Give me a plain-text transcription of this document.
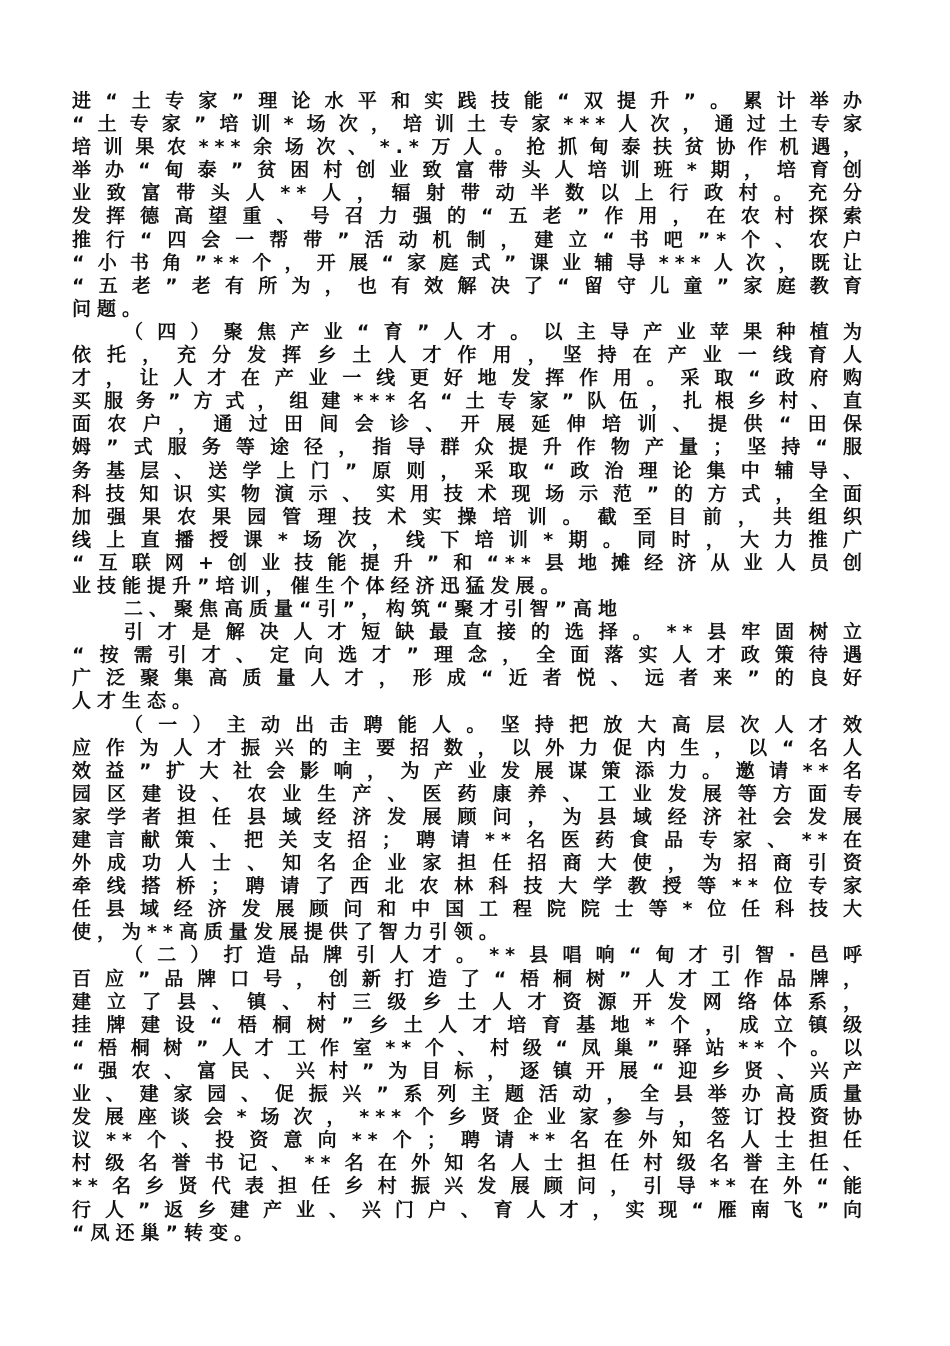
进“土专家”理论水平和实践技能“双提升”。累计举办
“土专家”培训*场次，培训土专家***人次，通过土专家
培训果农***余场次、*.*万人。抢抓甸泰扶贫协作机遇，
举办“甸泰”贫困村创业致富带头人培训班*期，培育创
业致富带头人**人，辐射带动半数以上行政村。充分
发挥德高望重、号召力强的“五老”作用，在农村探索
推行“四会一帮带”活动机制，建立“书吧”*个、农户
“小书角”**个，开展“家庭式”课业辅导***人次，既让
“五老”老有所为，也有效解决了“留守儿童”家庭教育
问题。
（四）聚焦产业“育”人才。以主导产业苹果种植为
依托，充分发挥乡土人才作用，坚持在产业一线育人
才，让人才在产业一线更好地发挥作用。采取“政府购
买服务”方式，组建***名“土专家”队伍，扎根乡村、直
面农户，通过田间会诊、开展延伸培训、提供“田保
姆”式服务等途径，指导群众提升作物产量；坚持“服
务基层、送学上门”原则，采取“政治理论集中辅导、
科技知识实物演示、实用技术现场示范”的方式，全面
加强果农果园管理技术实操培训。截至目前，共组织
线上直播授课*场次，线下培训*期。同时，大力推广
“互联网+创业技能提升”和“**县地摊经济从业人员创
业技能提升”培训，催生个体经济迅猛发展。
二、聚焦高质量“引”，构筑“聚才引智”高地
引才是解决人才短缺最直接的选择。**县牢固树立
“按需引才、定向选才”理念，全面落实人才政策待遇
广泛聚集高质量人才，形成“近者悦、远者来”的良好
人才生态。
（一）主动出击聘能人。坚持把放大高层次人才效
应作为人才振兴的主要招数，以外力促内生，以“名人
效益”扩大社会影响，为产业发展谋策添力。邀请**名
园区建设、农业生产、医药康养、工业发展等方面专
家学者担任县域经济发展顾问，为县域经济社会发展
建言献策、把关支招；聘请**名医药食品专家、**在
外成功人士、知名企业家担任招商大使，为招商引资
牵线搭桥；聘请了西北农林科技大学教授等**位专家
任县域经济发展顾问和中国工程院院士等*位任科技大
使，为**高质量发展提供了智力引领。
（二）打造品牌引人才。**县唱响“甸才引智·邑呼
百应”品牌口号，创新打造了“梧桐树”人才工作品牌，
建立了县、镇、村三级乡土人才资源开发网络体系，
挂牌建设“梧桐树”乡土人才培育基地*个，成立镇级
“梧桐树”人才工作室**个、村级“凤巢”驿站**个。以
“强农、富民、兴村”为目标，逐镇开展“迎乡贤、兴产
业、建家园、促振兴”系列主题活动，全县举办高质量
发展座谈会*场次，***个乡贤企业家参与，签订投资协
议**个、投资意向**个；聘请**名在外知名人士担任
村级名誉书记、**名在外知名人士担任村级名誉主任、
**名乡贤代表担任乡村振兴发展顾问，引导**在外“能
行人”返乡建产业、兴门户、育人才，实现“雁南飞”向
“凤还巢”转变。
